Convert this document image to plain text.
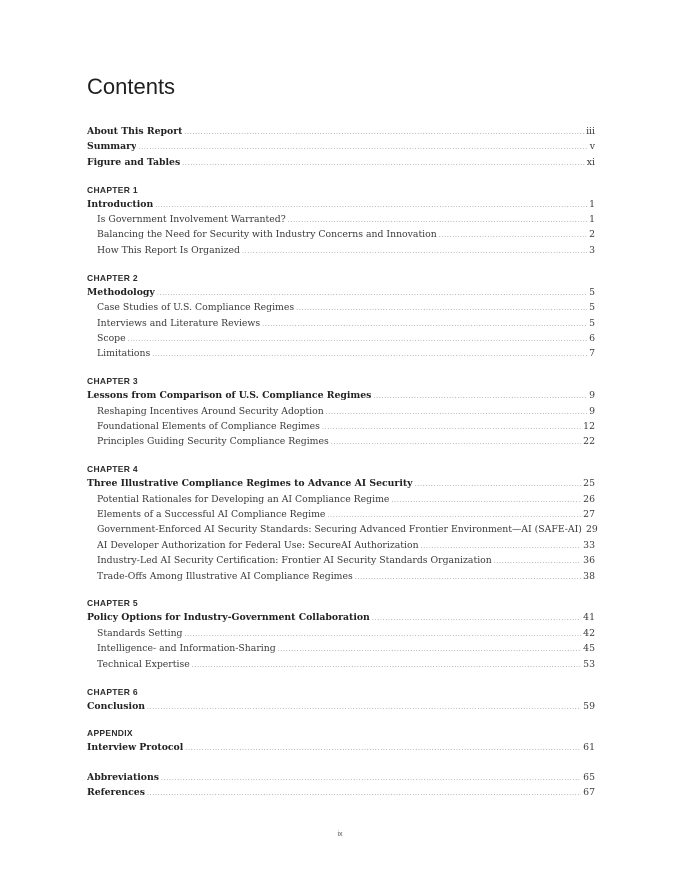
Contents
About This Report .....	iii
Summary .....	v
Figure and Tables .....	xi
CHAPTER 1
Introduction .....	1
Is Government Involvement Warranted? .....	1
Balancing the Need for Security with Industry Concerns and Innovation .....	2
How This Report Is Organized .....	3
CHAPTER 2
Methodology .....	5
Case Studies of U.S. Compliance Regimes .....	5
Interviews and Literature Reviews .....	5
Scope .....	6
Limitations .....	7
CHAPTER 3
Lessons from Comparison of U.S. Compliance Regimes .....	9
Reshaping Incentives Around Security Adoption .....	9
Foundational Elements of Compliance Regimes .....	12
Principles Guiding Security Compliance Regimes .....	22
CHAPTER 4
Three Illustrative Compliance Regimes to Advance AI Security .....	25
Potential Rationales for Developing an AI Compliance Regime .....	26
Elements of a Successful AI Compliance Regime .....	27
Government-Enforced AI Security Standards: Securing Advanced Frontier Environment—AI (SAFE-AI) 29
AI Developer Authorization for Federal Use: SecureAI Authorization .....	33
Industry-Led AI Security Certification: Frontier AI Security Standards Organization .....	36
Trade-Offs Among Illustrative AI Compliance Regimes .....	38
CHAPTER 5
Policy Options for Industry-Government Collaboration .....	41
Standards Setting .....	42
Intelligence- and Information-Sharing .....	45
Technical Expertise .....	53
CHAPTER 6
Conclusion .....	59
APPENDIX
Interview Protocol .....	61
Abbreviations .....	65
References .....	67
ix
